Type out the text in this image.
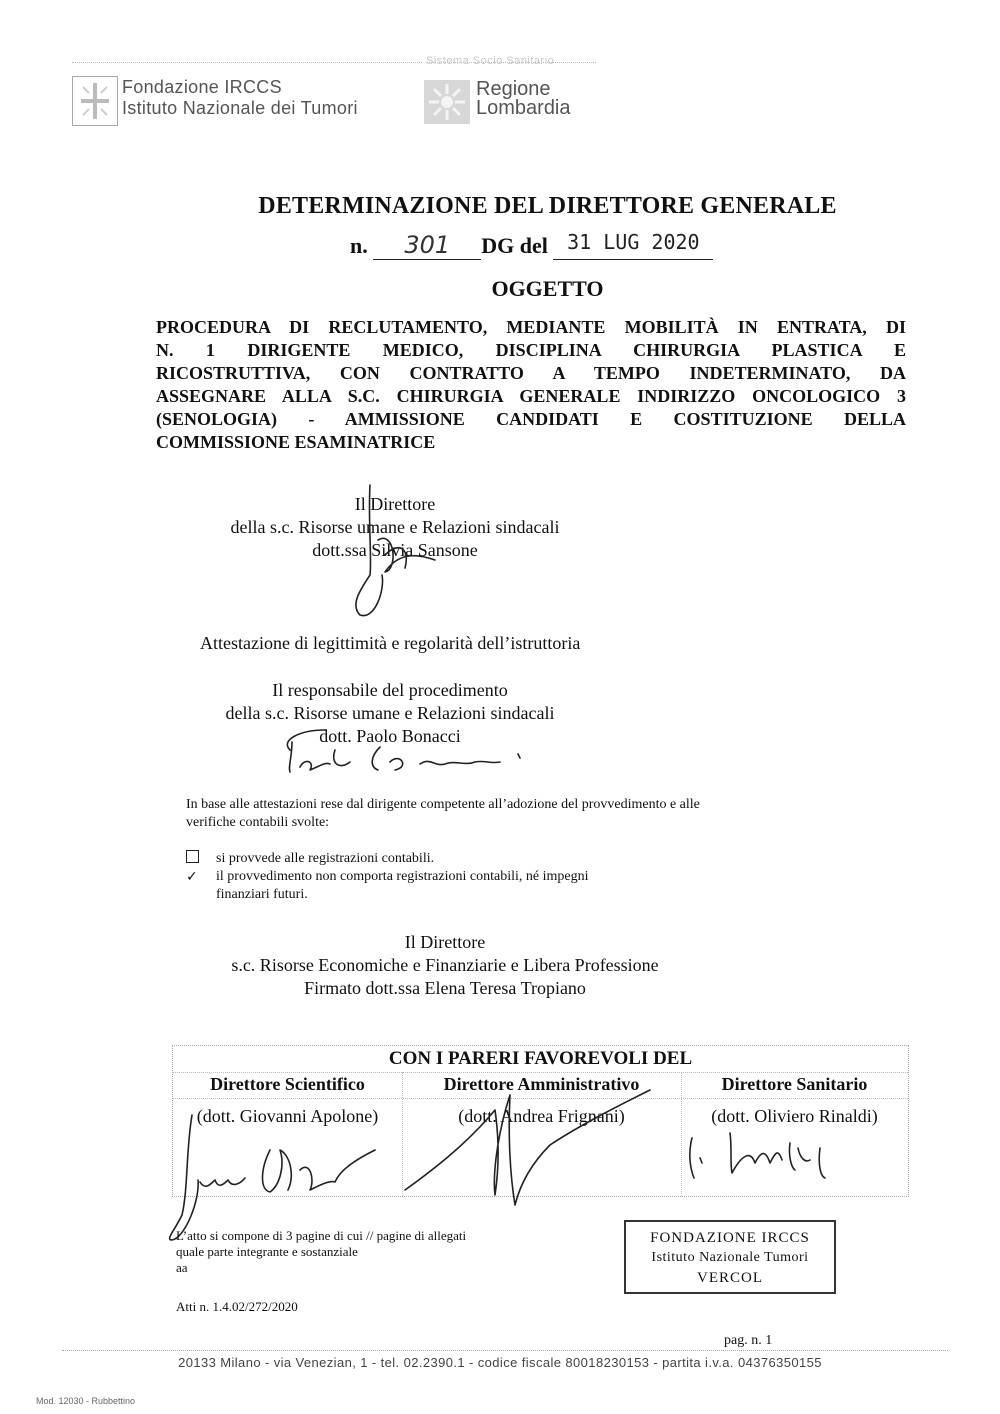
Fondazione IRCCS
Istituto Nazionale dei Tumori
Sistema Socio Sanitario
Regione
Lombardia
DETERMINAZIONE DEL DIRETTORE GENERALE
n. 301 DG del 31 LUG 2020
OGGETTO
PROCEDURA DI RECLUTAMENTO, MEDIANTE MOBILITÀ IN ENTRATA, DI
N. 1 DIRIGENTE MEDICO, DISCIPLINA CHIRURGIA PLASTICA E
RICOSTRUTTIVA, CON CONTRATTO A TEMPO INDETERMINATO, DA
ASSEGNARE ALLA S.C. CHIRURGIA GENERALE INDIRIZZO ONCOLOGICO 3
(SENOLOGIA) - AMMISSIONE CANDIDATI E COSTITUZIONE DELLA
COMMISSIONE ESAMINATRICE
Il Direttore
della s.c. Risorse umane e Relazioni sindacali
dott.ssa Silvia Sansone
Attestazione di legittimità e regolarità dell’istruttoria
Il responsabile del procedimento
della s.c. Risorse umane e Relazioni sindacali
dott. Paolo Bonacci
In base alle attestazioni rese dal dirigente competente all’adozione del provvedimento e alle
verifiche contabili svolte:
si provvede alle registrazioni contabili.
✓ il provvedimento non comporta registrazioni contabili, né impegni
finanziari futuri.
Il Direttore
s.c. Risorse Economiche e Finanziarie e Libera Professione
Firmato dott.ssa Elena Teresa Tropiano
CON I PARERI FAVOREVOLI DEL
Direttore Scientifico	Direttore Amministrativo	Direttore Sanitario
(dott. Giovanni Apolone)	(dott. Andrea Frignani)	(dott. Oliviero Rinaldi)
L’atto si compone di 3 pagine di cui // pagine di allegati
quale parte integrante e sostanziale
aa
FONDAZIONE IRCCS
Istituto Nazionale Tumori
VERCOL
Atti n. 1.4.02/272/2020
pag. n. 1
20133 Milano - via Venezian, 1 - tel. 02.2390.1 - codice fiscale 80018230153 - partita i.v.a. 04376350155
Mod. 12030 - Rubbettino
